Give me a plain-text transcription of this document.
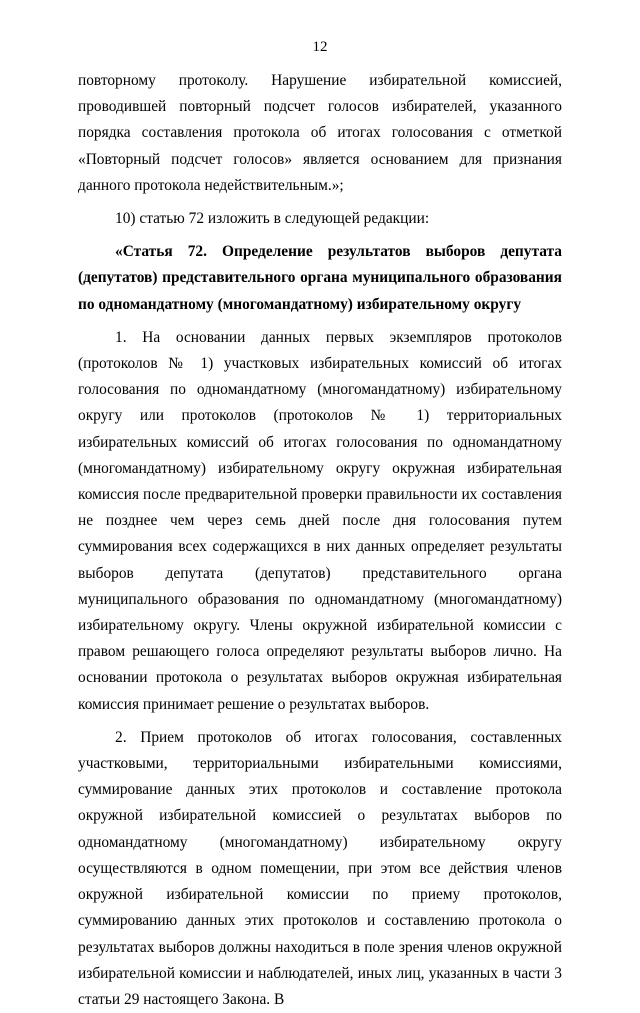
12

повторному протоколу. Нарушение избирательной комиссией, проводившей повторный подсчет голосов избирателей, указанного порядка составления протокола об итогах голосования с отметкой «Повторный подсчет голосов» является основанием для признания данного протокола недействительным.»;

10) статью 72 изложить в следующей редакции:

«Статья 72. Определение результатов выборов депутата (депутатов) представительного органа муниципального образования по одномандатному (многомандатному) избирательному округу

1. На основании данных первых экземпляров протоколов (протоколов № 1) участковых избирательных комиссий об итогах голосования по одномандатному (многомандатному) избирательному округу или протоколов (протоколов № 1) территориальных избирательных комиссий об итогах голосования по одномандатному (многомандатному) избирательному округу окружная избирательная комиссия после предварительной проверки правильности их составления не позднее чем через семь дней после дня голосования путем суммирования всех содержащихся в них данных определяет результаты выборов депутата (депутатов) представительного органа муниципального образования по одномандатному (многомандатному) избирательному округу. Члены окружной избирательной комиссии с правом решающего голоса определяют результаты выборов лично. На основании протокола о результатах выборов окружная избирательная комиссия принимает решение о результатах выборов.

2. Прием протоколов об итогах голосования, составленных участковыми, территориальными избирательными комиссиями, суммирование данных этих протоколов и составление протокола окружной избирательной комиссией о результатах выборов по одномандатному (многомандатному) избирательному округу осуществляются в одном помещении, при этом все действия членов окружной избирательной комиссии по приему протоколов, суммированию данных этих протоколов и составлению протокола о результатах выборов должны находиться в поле зрения членов окружной избирательной комиссии и наблюдателей, иных лиц, указанных в части 3 статьи 29 настоящего Закона. В
